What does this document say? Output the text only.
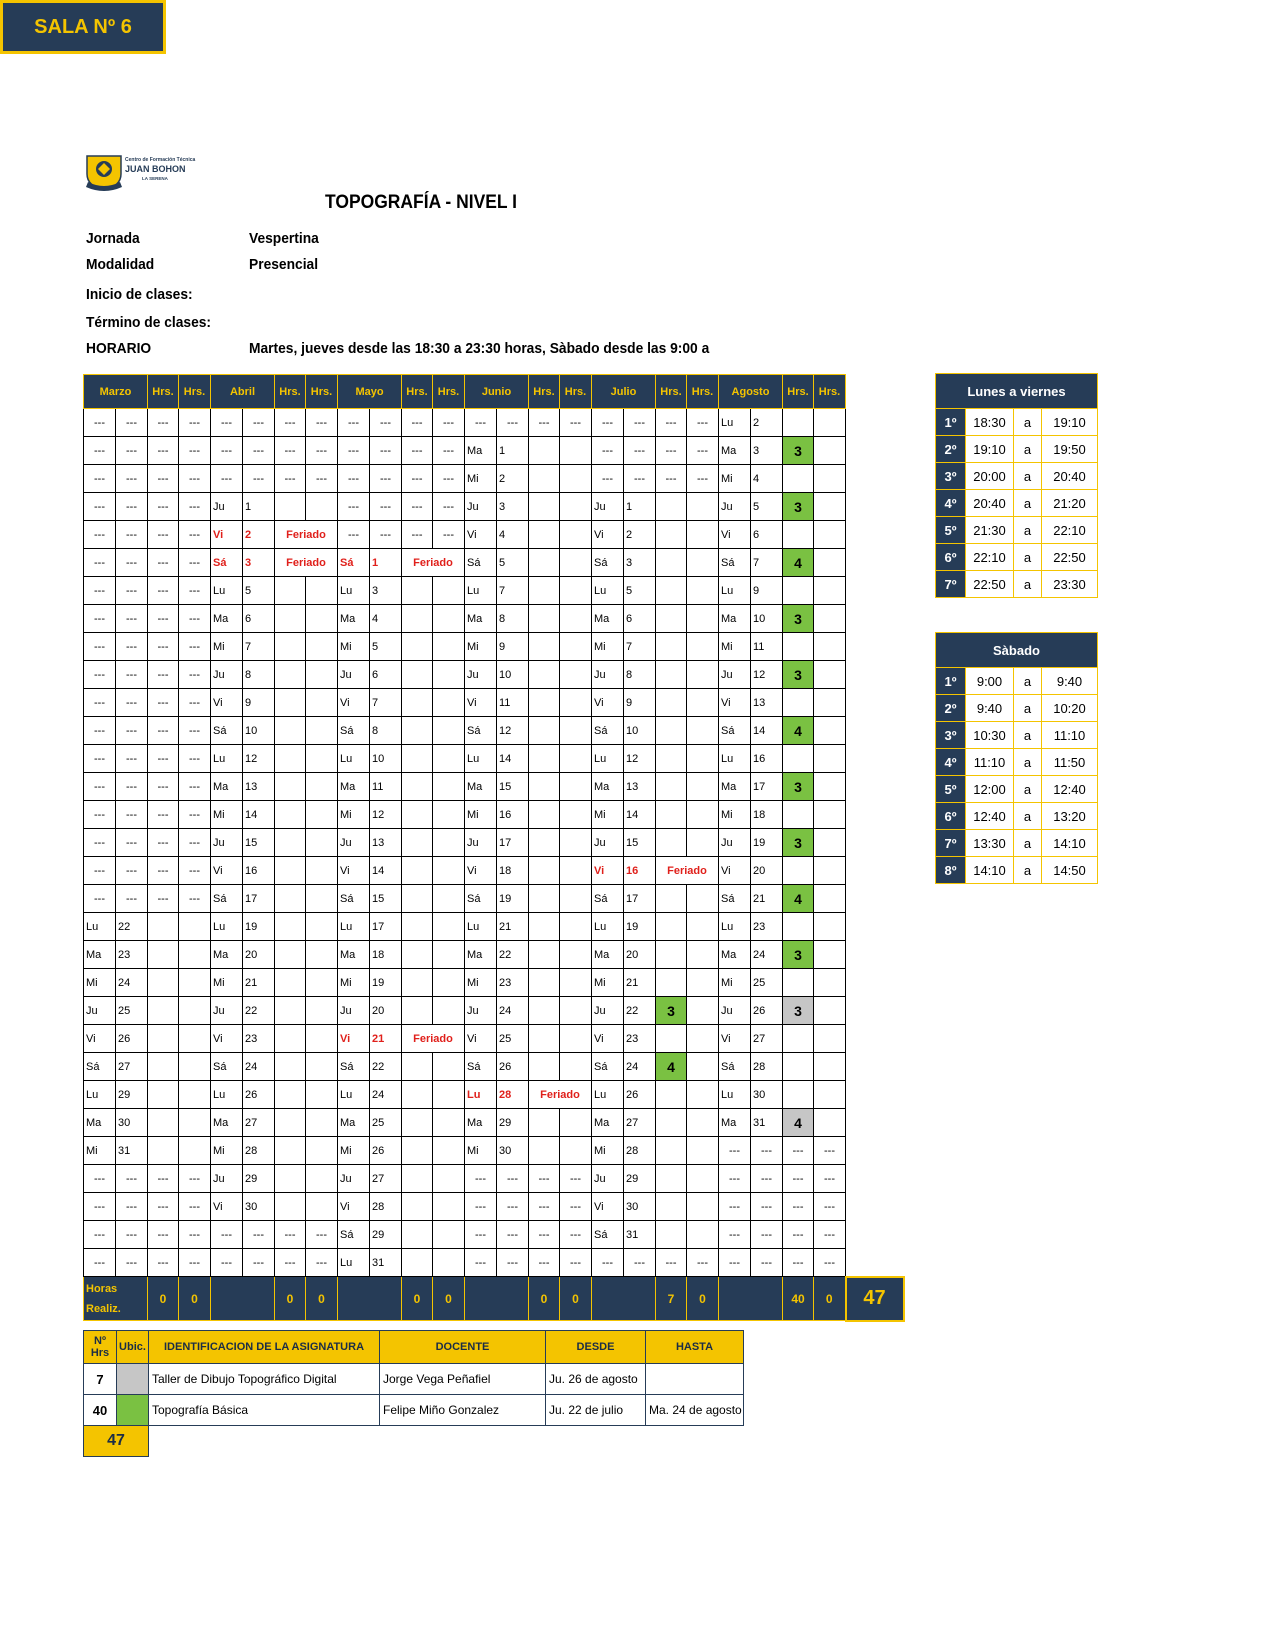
Centro de Formación Técnica
JUAN BOHON
LA SERENA
TOPOGRAFÍA - NIVEL I
Jornada	Vespertina
Modalidad	Presencial
Inicio de clases:
Término de clases:
HORARIO	Martes, jueves desde las 18:30 a 23:30 horas, Sàbado desde las 9:00 a
SALA Nº 6
Marzo		Hrs.	Hrs.	Abril		Hrs.	Hrs.	Mayo		Hrs.	Hrs.	Junio		Hrs.	Hrs.	Julio		Hrs.	Hrs.	Agosto		Hrs.	Hrs.	
---	---	---	---	---	---	---	---	---	---	---	---	---	---	---	---	---	---	---	---	Lu	2			
---	---	---	---	---	---	---	---	---	---	---	---	Ma	1			---	---	---	---	Ma	3	3		
---	---	---	---	---	---	---	---	---	---	---	---	Mi	2			---	---	---	---	Mi	4			
---	---	---	---	Ju	1			---	---	---	---	Ju	3			Ju	1			Ju	5	3		
---	---	---	---	Vi	2	Feriado		---	---	---	---	Vi	4			Vi	2			Vi	6			
---	---	---	---	Sá	3	Feriado		Sá	1	Feriado		Sá	5			Sá	3			Sá	7	4		
---	---	---	---	Lu	5			Lu	3			Lu	7			Lu	5			Lu	9			
---	---	---	---	Ma	6			Ma	4			Ma	8			Ma	6			Ma	10	3		
---	---	---	---	Mi	7			Mi	5			Mi	9			Mi	7			Mi	11			
---	---	---	---	Ju	8			Ju	6			Ju	10			Ju	8			Ju	12	3		
---	---	---	---	Vi	9			Vi	7			Vi	11			Vi	9			Vi	13			
---	---	---	---	Sá	10			Sá	8			Sá	12			Sá	10			Sá	14	4		
---	---	---	---	Lu	12			Lu	10			Lu	14			Lu	12			Lu	16			
---	---	---	---	Ma	13			Ma	11			Ma	15			Ma	13			Ma	17	3		
---	---	---	---	Mi	14			Mi	12			Mi	16			Mi	14			Mi	18			
---	---	---	---	Ju	15			Ju	13			Ju	17			Ju	15			Ju	19	3		
---	---	---	---	Vi	16			Vi	14			Vi	18			Vi	16	Feriado		Vi	20			
---	---	---	---	Sá	17			Sá	15			Sá	19			Sá	17			Sá	21	4		
Lu	22			Lu	19			Lu	17			Lu	21			Lu	19			Lu	23			
Ma	23			Ma	20			Ma	18			Ma	22			Ma	20			Ma	24	3		
Mi	24			Mi	21			Mi	19			Mi	23			Mi	21			Mi	25			
Ju	25			Ju	22			Ju	20			Ju	24			Ju	22	3		Ju	26	3		
Vi	26			Vi	23			Vi	21	Feriado		Vi	25			Vi	23			Vi	27			
Sá	27			Sá	24			Sá	22			Sá	26			Sá	24	4		Sá	28			
Lu	29			Lu	26			Lu	24			Lu	28	Feriado		Lu	26			Lu	30			
Ma	30			Ma	27			Ma	25			Ma	29			Ma	27			Ma	31	4		
Mi	31			Mi	28			Mi	26			Mi	30			Mi	28			---	---	---	---	
---	---	---	---	Ju	29			Ju	27			---	---	---	---	Ju	29			---	---	---	---	
---	---	---	---	Vi	30			Vi	28			---	---	---	---	Vi	30			---	---	---	---	
---	---	---	---	---	---	---	---	Sá	29			---	---	---	---	Sá	31			---	---	---	---	
---	---	---	---	---	---	---	---	Lu	31			---	---	---	---	---	---	---	---	---	---	---	---	

Horas
Realiz.		0	0			0	0			0	0			0	0			7	0			40	0	47
Lunes a viernes			
1º	18:30	a	19:10
2º	19:10	a	19:50
3º	20:00	a	20:40
4º	20:40	a	21:20
5º	21:30	a	22:10
6º	22:10	a	22:50
7º	22:50	a	23:30
Sàbado			
1º	9:00	a	9:40
2º	9:40	a	10:20
3º	10:30	a	11:10
4º	11:10	a	11:50
5º	12:00	a	12:40
6º	12:40	a	13:20
7º	13:30	a	14:10
8º	14:10	a	14:50
Nº Hrs	Ubic.	IDENTIFICACION DE LA ASIGNATURA	DOCENTE	DESDE	HASTA
7		Taller de Dibujo Topográfico Digital	Jorge Vega Peñafiel	Ju. 26 de agosto	
40		Topografía Básica	Felipe Miño Gonzalez	Ju. 22 de julio	Ma. 24 de agosto
47					
